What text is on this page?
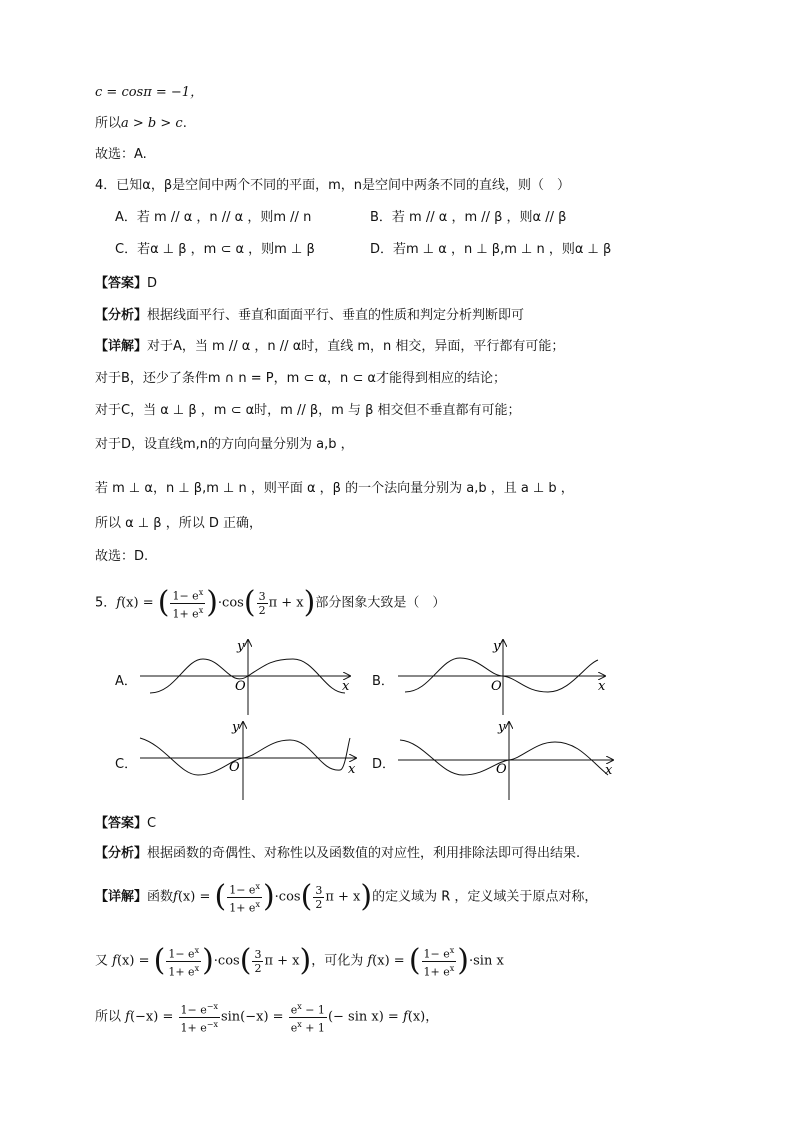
c = cosπ = −1，
所以a > b > c.
故选：A.
4．已知α，β是空间中两个不同的平面，m，n是空间中两条不同的直线，则（　）
A．若 m // α ，n // α ，则m // n	B．若 m // α ，m // β ，则α // β
C．若α ⊥ β ，m ⊂ α ，则m ⊥ β	D．若m ⊥ α ，n ⊥ β,m ⊥ n ，则α ⊥ β
【答案】D
【分析】根据线面平行、垂直和面面平行、垂直的性质和判定分析判断即可
【详解】对于A，当 m // α ，n // α时，直线 m，n 相交，异面，平行都有可能；
对于B，还少了条件m ∩ n = P，m ⊂ α，n ⊂ α才能得到相应的结论；
对于C，当 α ⊥ β ，m ⊂ α时，m // β，m 与 β 相交但不垂直都有可能；
对于D，设直线m,n的方向向量分别为 a,b ，
若 m ⊥ α，n ⊥ β,m ⊥ n ，则平面 α ，β 的一个法向量分别为 a,b ，且 a ⊥ b ，
所以 α ⊥ β ，所以 D 正确，
故选：D.
5．f(x) = ( $\frac{1- e^x}{1+ e^x} )\cdot\cos( \frac{3}{2}$ π + x)部分图象大致是（　）
A．	B．
C．	D．
x
y
O	x
y
O
x
y
O	x
y
O
【答案】C
【分析】根据函数的奇偶性、对称性以及函数值的对应性，利用排除法即可得出结果.
【详解】函数f(x) = ( $\frac{1- e^x}{1+ e^x} )\cdot\cos( \frac{3}{2}$ π + x)的定义域为 R ，定义域关于原点对称，
又 f(x) = ( $\frac{1- e^x}{1+ e^x} )\cdot\cos( \frac{3}{2}$ π + x)，可化为 f(x) = ( $\frac{1- e^x}{1+ e^x} )\cdot\sin$ x
所以 $f(-x) = \frac{1- e^{-x}}{1+ e^{-x}} \sin(-x) = \frac{e^x - 1}{e^x + 1}$ (− sin x) = f(x)，
